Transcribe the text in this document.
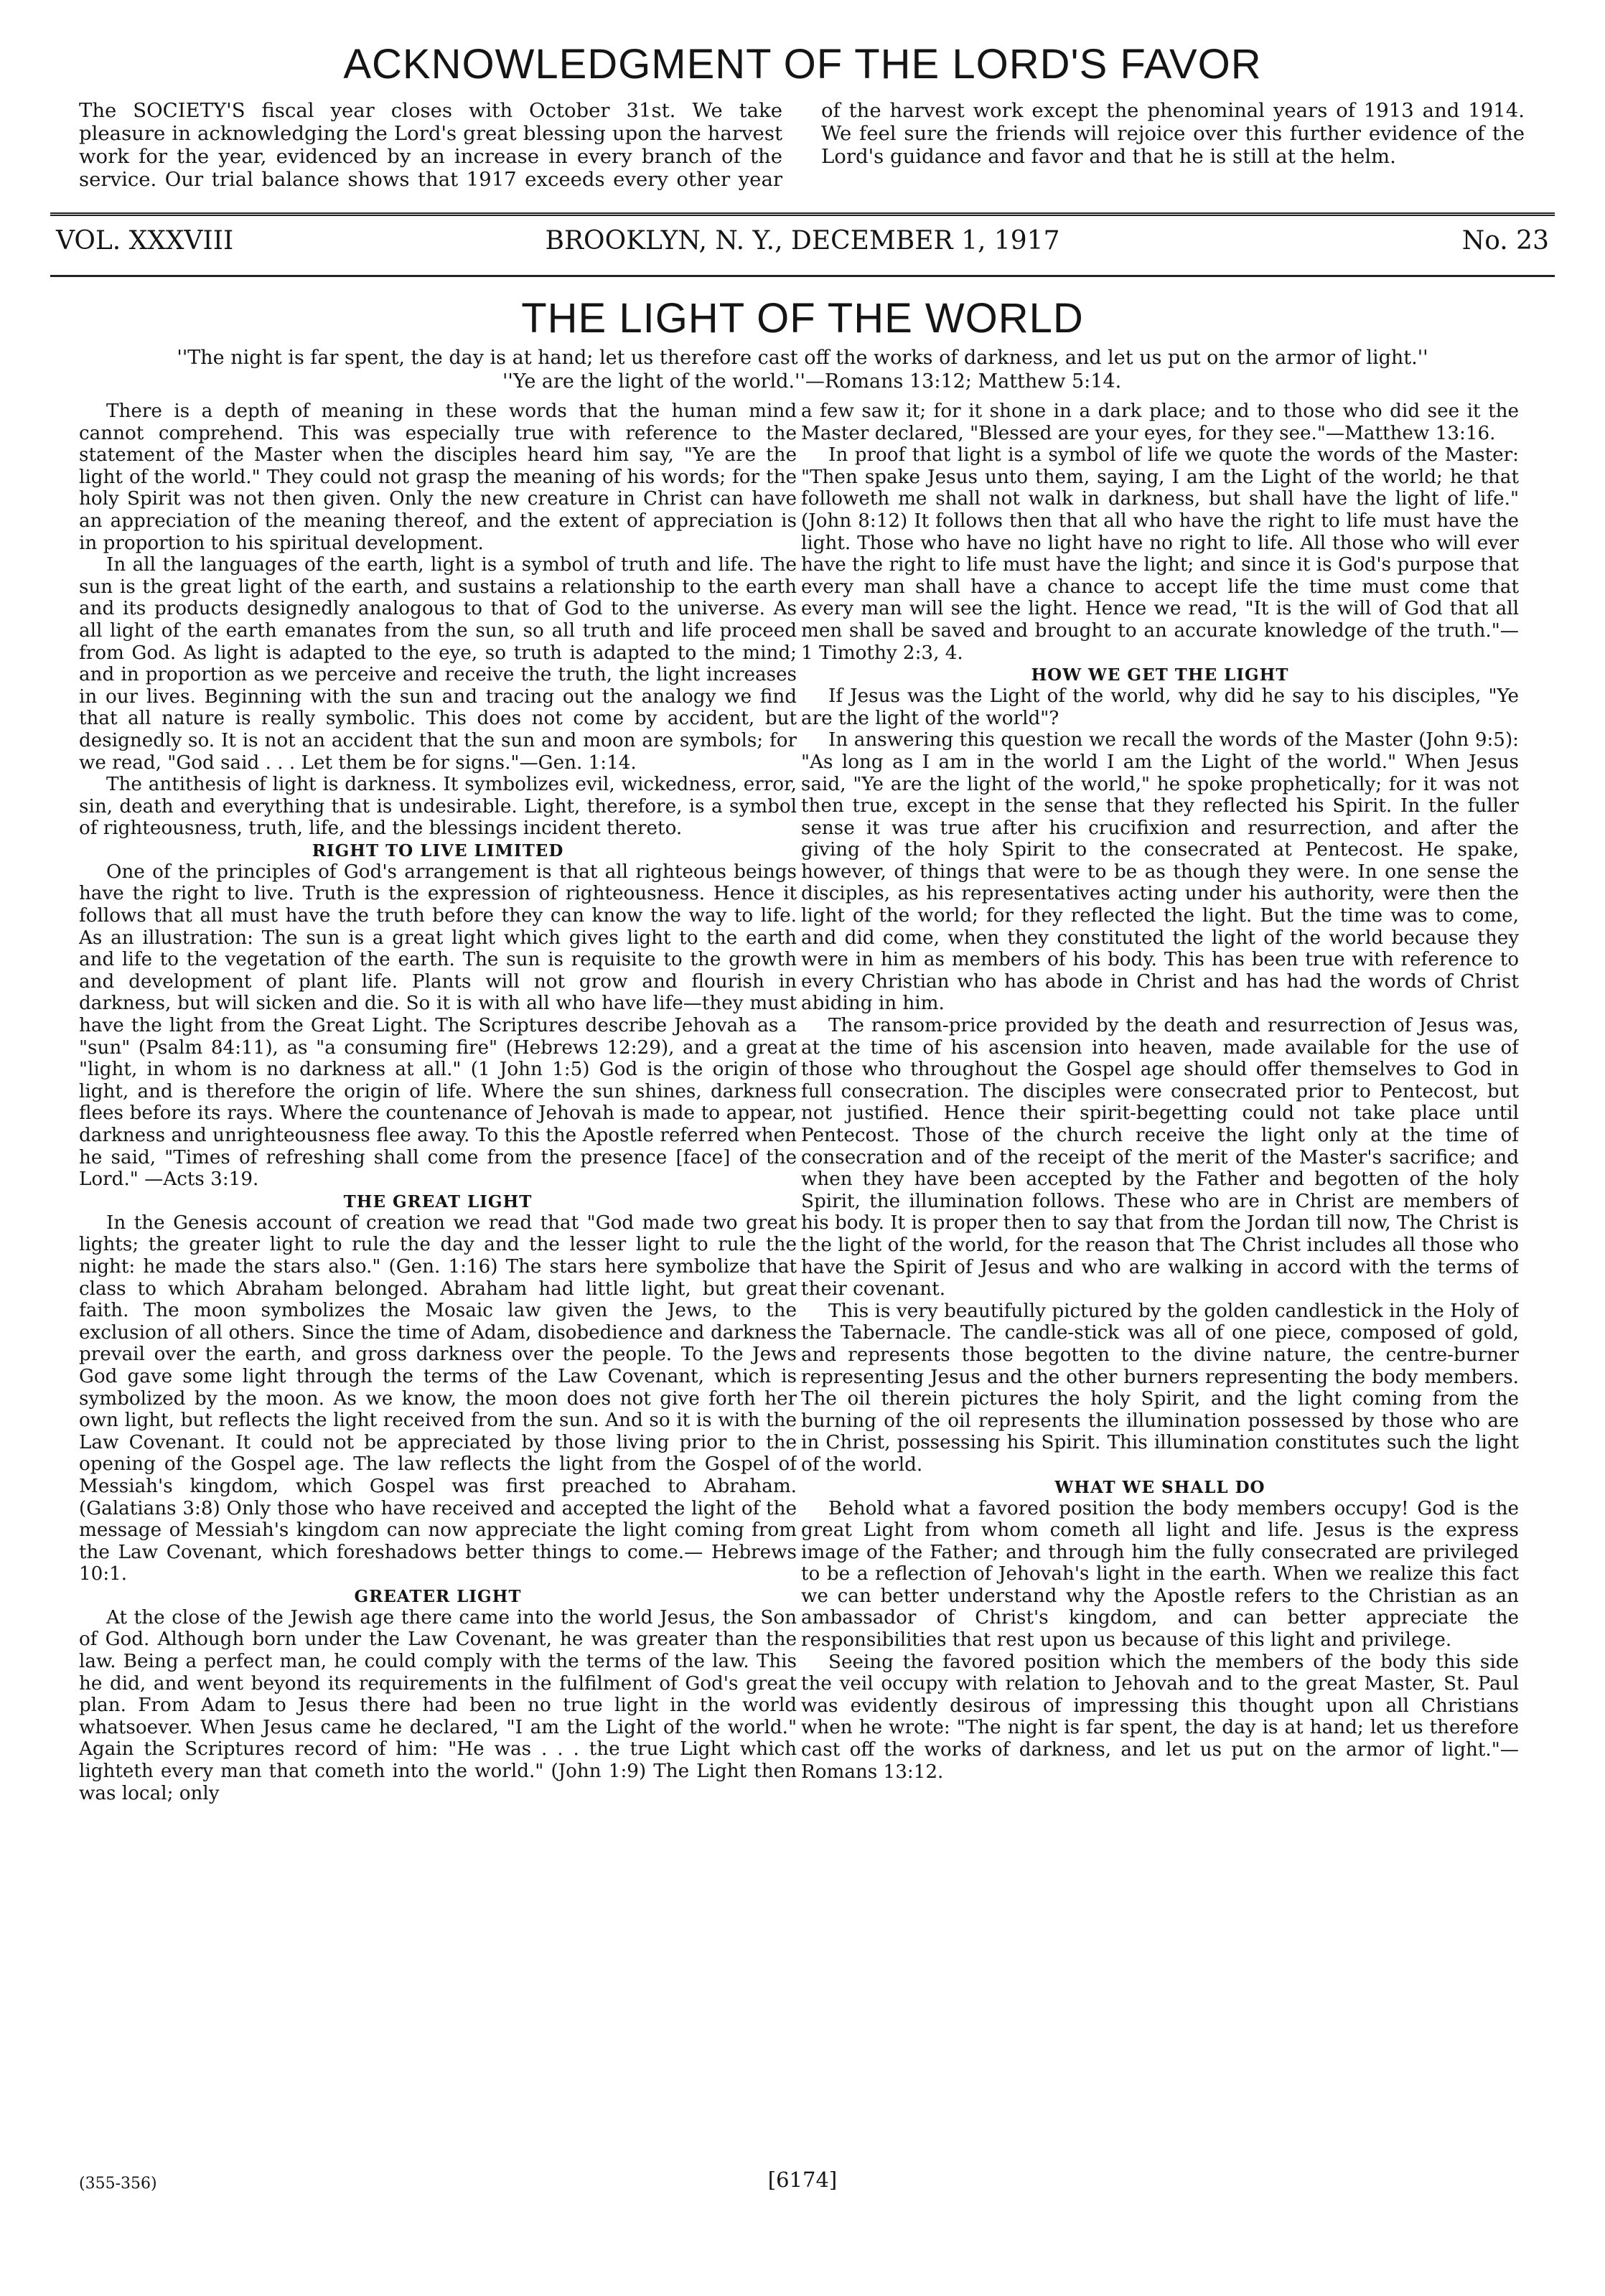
ACKNOWLEDGMENT OF THE LORD'S FAVOR
The SOCIETY'S fiscal year closes with October 31st. We take pleasure in acknowledging the Lord's great blessing upon the harvest work for the year, evidenced by an increase in every branch of the service. Our trial balance shows that 1917 exceeds every other year of the harvest work except the phenominal years of 1913 and 1914. We feel sure the friends will rejoice over this further evidence of the Lord's guidance and favor and that he is still at the helm.
VOL. XXXVIII	BROOKLYN, N. Y., DECEMBER 1, 1917	No. 23
THE LIGHT OF THE WORLD
''The night is far spent, the day is at hand; let us therefore cast off the works of darkness, and let us put on the armor of light.''
''Ye are the light of the world.''—Romans 13:12; Matthew 5:14.

There is a depth of meaning in these words that the human mind cannot comprehend. This was especially true with reference to the statement of the Master when the disciples heard him say, "Ye are the light of the world." They could not grasp the meaning of his words; for the holy Spirit was not then given. Only the new creature in Christ can have an appreciation of the meaning thereof, and the extent of appreciation is in proportion to his spiritual development.

In all the languages of the earth, light is a symbol of truth and life. The sun is the great light of the earth, and sustains a relationship to the earth and its products designedly analogous to that of God to the universe. As all light of the earth emanates from the sun, so all truth and life proceed from God. As light is adapted to the eye, so truth is adapted to the mind; and in proportion as we perceive and receive the truth, the light increases in our lives. Beginning with the sun and tracing out the analogy we find that all nature is really symbolic. This does not come by accident, but designedly so. It is not an accident that the sun and moon are symbols; for we read, "God said . . . Let them be for signs."—Gen. 1:14.

The antithesis of light is darkness. It symbolizes evil, wickedness, error, sin, death and everything that is undesirable. Light, therefore, is a symbol of righteousness, truth, life, and the blessings incident thereto.

RIGHT TO LIVE LIMITED

One of the principles of God's arrangement is that all righteous beings have the right to live. Truth is the expression of righteousness. Hence it follows that all must have the truth before they can know the way to life. As an illustration: The sun is a great light which gives light to the earth and life to the vegetation of the earth. The sun is requisite to the growth and development of plant life. Plants will not grow and flourish in darkness, but will sicken and die. So it is with all who have life—they must have the light from the Great Light. The Scriptures describe Jehovah as a "sun" (Psalm 84:11), as "a consuming fire" (Hebrews 12:29), and a great "light, in whom is no darkness at all." (1 John 1:5) God is the origin of light, and is therefore the origin of life. Where the sun shines, darkness flees before its rays. Where the countenance of Jehovah is made to appear, darkness and unrighteousness flee away. To this the Apostle referred when he said, "Times of refreshing shall come from the presence [face] of the Lord." —Acts 3:19.

THE GREAT LIGHT

In the Genesis account of creation we read that "God made two great lights; the greater light to rule the day and the lesser light to rule the night: he made the stars also." (Gen. 1:16) The stars here symbolize that class to which Abraham belonged. Abraham had little light, but great faith. The moon symbolizes the Mosaic law given the Jews, to the exclusion of all others. Since the time of Adam, disobedience and darkness prevail over the earth, and gross darkness over the people. To the Jews God gave some light through the terms of the Law Covenant, which is symbolized by the moon. As we know, the moon does not give forth her own light, but reflects the light received from the sun. And so it is with the Law Covenant. It could not be appreciated by those living prior to the opening of the Gospel age. The law reflects the light from the Gospel of Messiah's kingdom, which Gospel was first preached to Abraham. (Galatians 3:8) Only those who have received and accepted the light of the message of Messiah's kingdom can now appreciate the light coming from the Law Covenant, which foreshadows better things to come.— Hebrews 10:1.

GREATER LIGHT

At the close of the Jewish age there came into the world Jesus, the Son of God. Although born under the Law Covenant, he was greater than the law. Being a perfect man, he could comply with the terms of the law. This he did, and went beyond its requirements in the fulfilment of God's great plan. From Adam to Jesus there had been no true light in the world whatsoever. When Jesus came he declared, "I am the Light of the world." Again the Scriptures record of him: "He was . . . the true Light which lighteth every man that cometh into the world." (John 1:9) The Light then was local; only

a few saw it; for it shone in a dark place; and to those who did see it the Master declared, "Blessed are your eyes, for they see."—Matthew 13:16.

In proof that light is a symbol of life we quote the words of the Master: "Then spake Jesus unto them, saying, I am the Light of the world; he that followeth me shall not walk in darkness, but shall have the light of life." (John 8:12) It follows then that all who have the right to life must have the light. Those who have no light have no right to life. All those who will ever have the right to life must have the light; and since it is God's purpose that every man shall have a chance to accept life the time must come that every man will see the light. Hence we read, "It is the will of God that all men shall be saved and brought to an accurate knowledge of the truth."—1 Timothy 2:3, 4.

HOW WE GET THE LIGHT

If Jesus was the Light of the world, why did he say to his disciples, "Ye are the light of the world"?

In answering this question we recall the words of the Master (John 9:5): "As long as I am in the world I am the Light of the world." When Jesus said, "Ye are the light of the world," he spoke prophetically; for it was not then true, except in the sense that they reflected his Spirit. In the fuller sense it was true after his crucifixion and resurrection, and after the giving of the holy Spirit to the consecrated at Pentecost. He spake, however, of things that were to be as though they were. In one sense the disciples, as his representatives acting under his authority, were then the light of the world; for they reflected the light. But the time was to come, and did come, when they constituted the light of the world because they were in him as members of his body. This has been true with reference to every Christian who has abode in Christ and has had the words of Christ abiding in him.

The ransom-price provided by the death and resurrection of Jesus was, at the time of his ascension into heaven, made available for the use of those who throughout the Gospel age should offer themselves to God in full consecration. The disciples were consecrated prior to Pentecost, but not justified. Hence their spirit-begetting could not take place until Pentecost. Those of the church receive the light only at the time of consecration and of the receipt of the merit of the Master's sacrifice; and when they have been accepted by the Father and begotten of the holy Spirit, the illumination follows. These who are in Christ are members of his body. It is proper then to say that from the Jordan till now, The Christ is the light of the world, for the reason that The Christ includes all those who have the Spirit of Jesus and who are walking in accord with the terms of their covenant.

This is very beautifully pictured by the golden candlestick in the Holy of the Tabernacle. The candle-stick was all of one piece, composed of gold, and represents those begotten to the divine nature, the centre-burner representing Jesus and the other burners representing the body members. The oil therein pictures the holy Spirit, and the light coming from the burning of the oil represents the illumination possessed by those who are in Christ, possessing his Spirit. This illumination constitutes such the light of the world.

WHAT WE SHALL DO

Behold what a favored position the body members occupy! God is the great Light from whom cometh all light and life. Jesus is the express image of the Father; and through him the fully consecrated are privileged to be a reflection of Jehovah's light in the earth. When we realize this fact we can better understand why the Apostle refers to the Christian as an ambassador of Christ's kingdom, and can better appreciate the responsibilities that rest upon us because of this light and privilege.

Seeing the favored position which the members of the body this side the veil occupy with relation to Jehovah and to the great Master, St. Paul was evidently desirous of impressing this thought upon all Christians when he wrote: "The night is far spent, the day is at hand; let us therefore cast off the works of darkness, and let us put on the armor of light."—Romans 13:12.

(355-356)	[6174]
